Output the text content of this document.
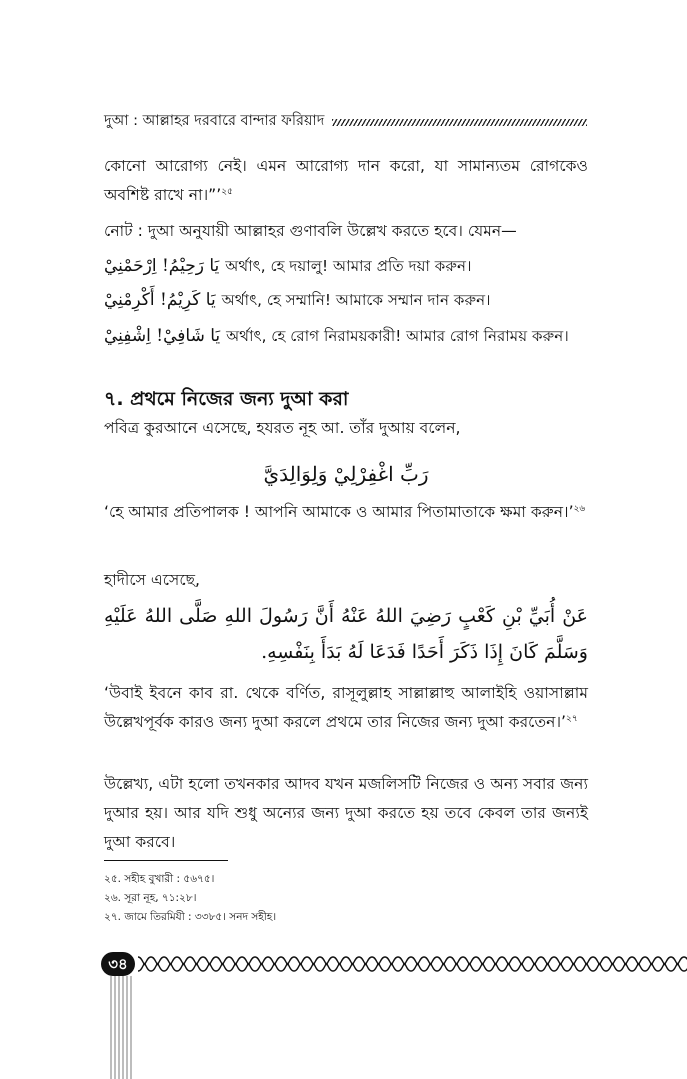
দুআ : আল্লাহর দরবারে বান্দার ফরিয়াদ
কোনো আরোগ্য নেই। এমন আরোগ্য দান করো, যা সামান্যতম রোগকেও অবশিষ্ট রাখে না।”’$^{২৫}$
নোট : দুআ অনুযায়ী আল্লাহর গুণাবলি উল্লেখ করতে হবে। যেমন—
يَا رَحِيْمُ! اِرْحَمْنِيْ অর্থাৎ, হে দয়ালু! আমার প্রতি দয়া করুন।
يَا كَرِيْمُ! أَكْرِمْنِيْ অর্থাৎ, হে সম্মানি! আমাকে সম্মান দান করুন।
يَا شَافِيْ! اِشْفِنِيْ অর্থাৎ, হে রোগ নিরাময়কারী! আমার রোগ নিরাময় করুন।
৭. প্রথমে নিজের জন্য দুআ করা
পবিত্র কুরআনে এসেছে, হযরত নূহ আ. তাঁর দুআয় বলেন,
رَبِّ اغْفِرْلِيْ وَلِوَالِدَيَّ
‘হে আমার প্রতিপালক ! আপনি আমাকে ও আমার পিতামাতাকে ক্ষমা করুন।’$^{২৬}$
হাদীসে এসেছে,
عَنْ أُبَيِّ بْنِ كَعْبٍ رَضِيَ اللهُ عَنْهُ أَنَّ رَسُولَ اللهِ صَلَّى اللهُ عَلَيْهِ وَسَلَّمَ كَانَ إِذَا ذَكَرَ أَحَدًا فَدَعَا لَهُ بَدَأَ بِنَفْسِهِ.
‘উবাই ইবনে কাব রা. থেকে বর্ণিত, রাসূলুল্লাহ সাল্লাল্লাহু আলাইহি ওয়াসাল্লাম উল্লেখপূর্বক কারও জন্য দুআ করলে প্রথমে তার নিজের জন্য দুআ করতেন।’$^{২৭}$
উল্লেখ্য, এটা হলো তখনকার আদব যখন মজলিসটি নিজের ও অন্য সবার জন্য দুআর হয়। আর যদি শুধু অন্যের জন্য দুআ করতে হয় তবে কেবল তার জন্যই দুআ করবে।
২৫. সহীহ বুখারী : ৫৬৭৫।
২৬. সূরা নূহ, ৭১:২৮।
২৭. জামে তিরমিযী : ৩৩৮৫। সনদ সহীহ।
৩৪
